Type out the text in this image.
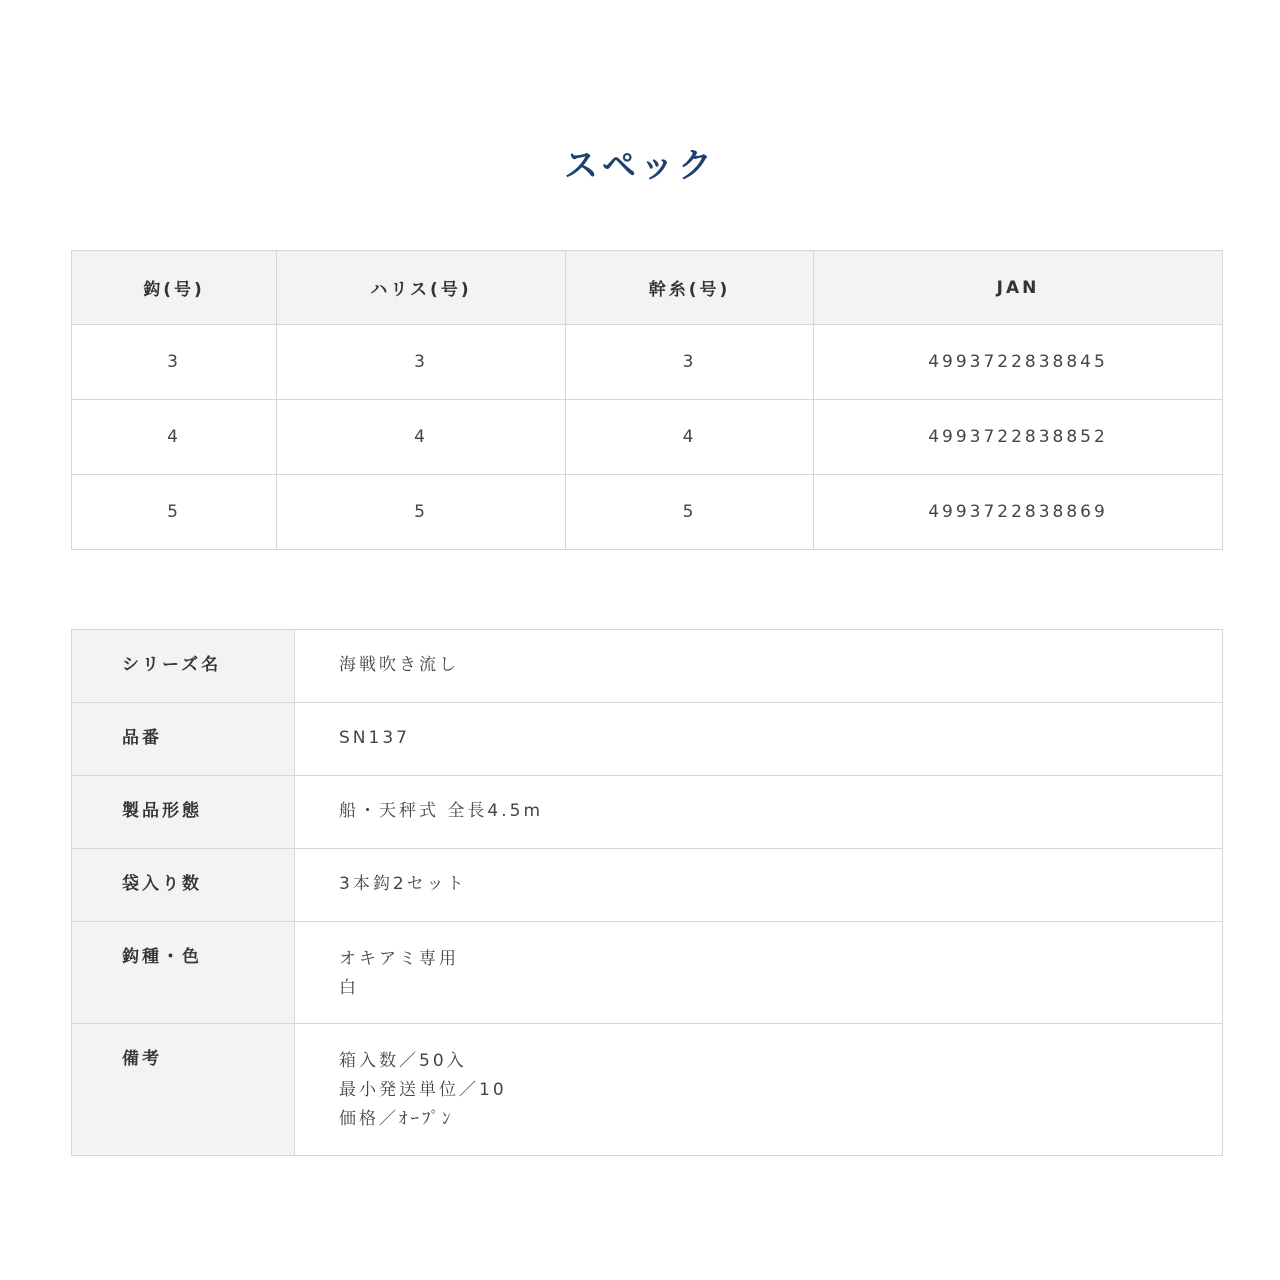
スペック
鈎(号)	ハリス(号)	幹糸(号)	JAN
3	3	3	4993722838845
4	4	4	4993722838852
5	5	5	4993722838869
シリーズ名	海戦吹き流し

品番	SN137

製品形態	船・天秤式 全長4.5m

袋入り数	3本鈎2セット

鈎種・色	オキアミ専用
白

備考	箱入数／50入
最小発送単位／10
価格／ｵｰﾌﾟﾝ
